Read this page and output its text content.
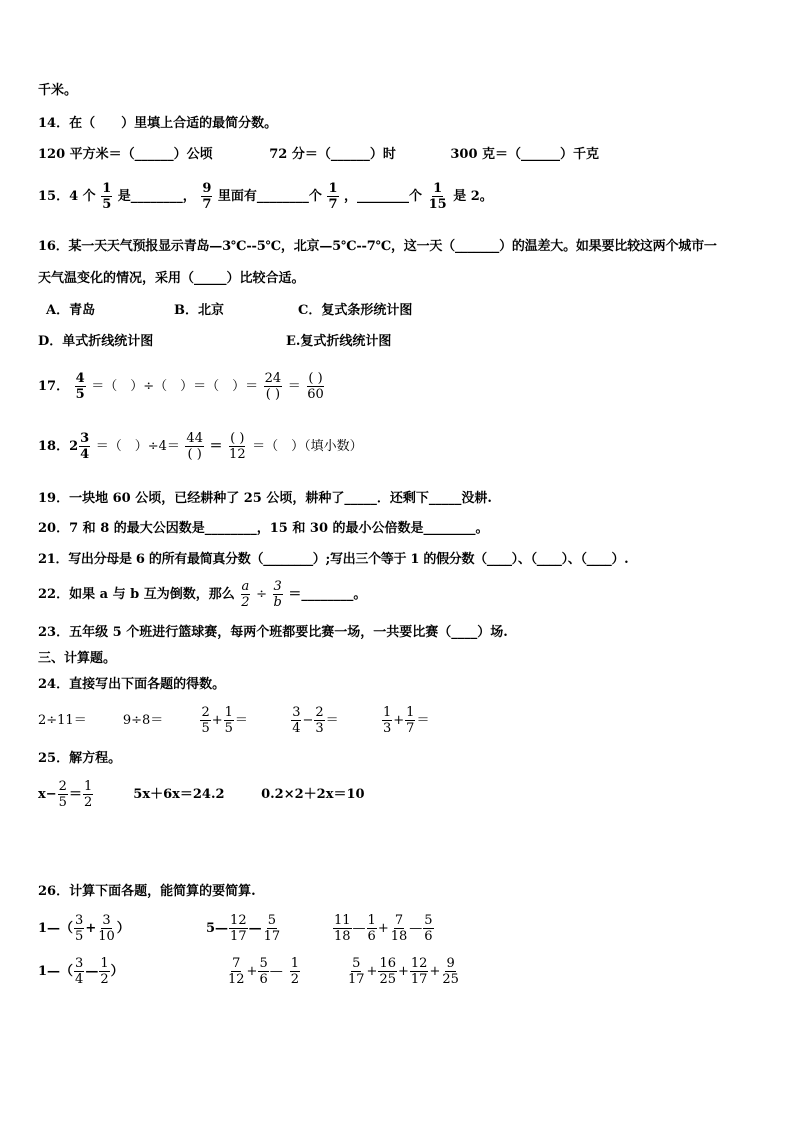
千米。
14．在（　　）里填上合适的最简分数。
120 平方米＝（______）公顷	72 分＝（______）时	300 克＝（______）千克
15．4 个 $\frac{1}{5}$ 是________， $\frac{9}{7}$ 里面有________个 $\frac{1}{7}$ ，________个 $\frac{1}{15}$ 是 2。
16．某一天天气预报显示青岛—3℃--5℃，北京—5℃--7℃，这一天（_______）的温差大。如果要比较这两个城市一
天气温变化的情况，采用（_____）比较合适。
A．青岛	B．北京	C．复式条形统计图
D．单式折线统计图	E.复式折线统计图
17． $\frac{4}{5}$ ＝（　）÷（　）＝（　）＝ $\frac{24}{( )} = \frac{( )}{60}$
18．$2 \frac{3}{4}$ ＝（　）$\div 4= \frac{44}{( )} = \frac{( )}{12}$ ＝（　）（填小数）
19．一块地 60 公顷，已经耕种了 25 公顷，耕种了_____．还剩下_____没耕.
20．7 和 8 的最大公因数是________，15 和 30 的最小公倍数是________。
21．写出分母是 6 的所有最简真分数（________）;写出三个等于 1 的假分数（____）、（____）、（____）.
22．如果 a 与 b 互为倒数，那么 $\frac{a}{2} \div \frac{3}{b}$ ＝________。
23．五年级 5 个班进行篮球赛，每两个班都要比赛一场，一共要比赛（____）场.
三、计算题。
24．直接写出下面各题的得数。
2÷11＝	9÷8＝	$\frac{2}{5} + \frac{1}{5}$ ＝	$\frac{3}{4} - \frac{2}{3}$ ＝	$\frac{1}{3} + \frac{1}{7}$ ＝
25．解方程。
$x- \frac{2}{5} = \frac{1}{2}$	5x＋6x＝24.2	0.2×2＋2x＝10
26．计算下面各题，能简算的要简算.
1—（ $\frac{3}{5} + \frac{3}{10}$ ）	5— $\frac{12}{17}$ — $\frac{5}{17}$	$\frac{11}{18}$ — $\frac{1}{6} + \frac{7}{18}$ — $\frac{5}{6}$
1—（ $\frac{3}{4}$ — $\frac{1}{2}$ ）	$\frac{7}{12} + \frac{5}{6}$ — $\frac{1}{2}$	$\frac{5}{17} + \frac{16}{25} + \frac{12}{17} + \frac{9}{25}$
